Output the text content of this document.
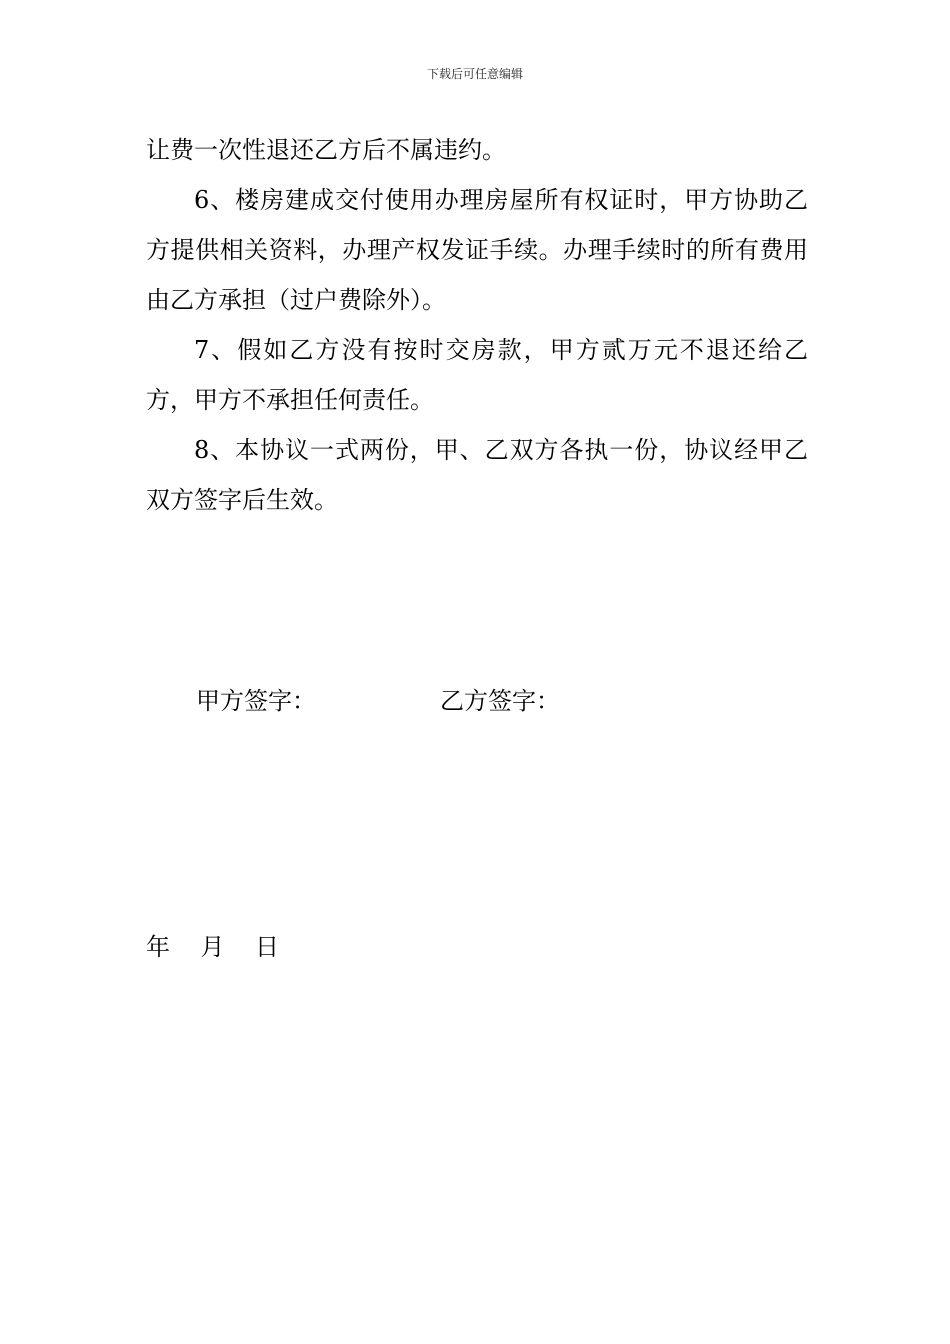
下载后可任意编辑

让费一次性退还乙方后不属违约。

6、楼房建成交付使用办理房屋所有权证时，甲方协助乙方提供相关资料，办理产权发证手续。办理手续时的所有费用由乙方承担（过户费除外）。

7、假如乙方没有按时交房款，甲方贰万元不退还给乙方，甲方不承担任何责任。

8、本协议一式两份，甲、乙双方各执一份，协议经甲乙双方签字后生效。

甲方签字：	乙方签字：
年 月 日
